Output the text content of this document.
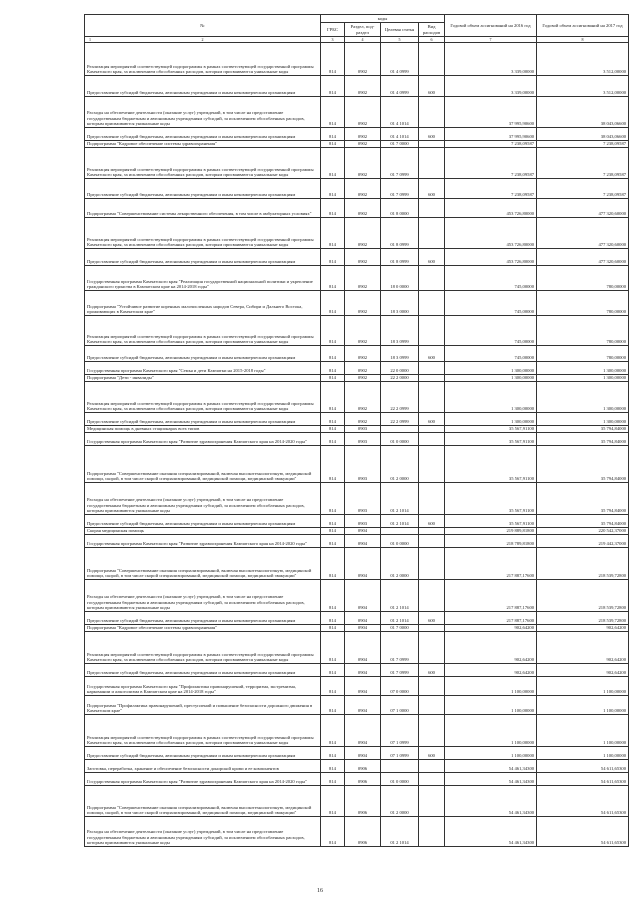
№	коды				Годовой объем ассигнований на 2016 год	Годовой объем ассигнований на 2017 год
	ГРБС	Раздел, под-раздел	Целевая статья	Вид расходов		

1 2	3	4	5	6	7	8
Реализация мероприятий соответствующей подпрограммы в рамках соответствующей государственной программы Камчатского края, за исключением обособленных расходов, которым присваиваются уникальные коды	814	0902	01 4 0999		3 339,00000	3 512,00000
Предоставление субсидий бюджетным, автономным учреждениям и иным некоммерческим организациям	814	0902	01 4 0999	600	3 339,00000	3 512,00000
Расходы на обеспечение деятельности (оказание услуг) учреждений, в том числе на предоставление государственным бюджетным и автономным учреждениям субсидий, за исключением обособленных расходов, которым присваиваются уникальные коды	814	0902	01 4 1014		37 995,90600	38 043,06600
Предоставление субсидий бюджетным, автономным учреждениям и иным некоммерческим организациям	814	0902	01 4 1014	600	37 995,90600	38 043,06600
Подпрограмма "Кадровое обеспечение системы здравоохранения"	814	0902	01 7 0000		7 238,09587	7 238,09587
Реализация мероприятий соответствующей подпрограммы в рамках соответствующей государственной программы Камчатского края, за исключением обособленных расходов, которым присваиваются уникальные коды	814	0902	01 7 0999		7 238,09587	7 238,09587
Предоставление субсидий бюджетным, автономным учреждениям и иным некоммерческим организациям	814	0902	01 7 0999	600	7 238,09587	7 238,09587
Подпрограмма "Совершенствование системы лекарственного обеспечения, в том числе в амбулаторных условиях"	814	0902	01 8 0000		453 726,80000	477 320,60000
Реализация мероприятий соответствующей подпрограммы в рамках соответствующей государственной программы Камчатского края, за исключением обособленных расходов, которым присваиваются уникальные коды	814	0902	01 8 0999		453 726,80000	477 320,60000
Предоставление субсидий бюджетным, автономным учреждениям и иным некоммерческим организациям	814	0902	01 8 0999	600	453 726,80000	477 320,60000
Государственная программа Камчатского края "Реализация государственной национальной политики и укрепление гражданского единства в Камчатском крае на 2014-2018 годы"	814	0902	18 0 0000		745,00000	780,00000
Подпрограмма "Устойчивое развитие коренных малочисленных народов Севера, Сибири и Дальнего Востока, проживающих в Камчатском крае"	814	0902	18 3 0000		745,00000	780,00000
Реализация мероприятий соответствующей подпрограммы в рамках соответствующей государственной программы Камчатского края, за исключением обособленных расходов, которым присваиваются уникальные коды	814	0902	18 3 0999		745,00000	780,00000
Предоставление субсидий бюджетным, автономным учреждениям и иным некоммерческим организациям	814	0902	18 3 0999	600	745,00000	780,00000
Государственная программа Камчатского края "Семья и дети Камчатки на 2015-2018 годы"	814	0902	22 0 0000		1 300,00000	1 300,00000
Подпрограмма "Дети - инвалиды"	814	0902	22 2 0000		1 300,00000	1 300,00000
Реализация мероприятий соответствующей подпрограммы в рамках соответствующей государственной программы Камчатского края, за исключением обособленных расходов, которым присваиваются уникальные коды	814	0902	22 2 0999		1 300,00000	1 300,00000
Предоставление субсидий бюджетным, автономным учреждениям и иным некоммерческим организациям	814	0902	22 2 0999	600	1 300,00000	1 300,00000
Медицинская помощь в дневных стационарах всех типов	814	0903			35 567,91100	35 794,84000
Государственная программа Камчатского края "Развитие здравоохранения Камчатского края на 2014-2020 годы"	814	0903	01 0 0000		35 567,91100	35 794,84000
Подпрограмма "Совершенствование оказания специализированной, включая высокотехнологичную, медицинской помощи, скорой, в том числе скорой специализированной, медицинской помощи, медицинской эвакуации"	814	0903	01 2 0000		35 567,91100	35 794,84000
Расходы на обеспечение деятельности (оказание услуг) учреждений, в том числе на предоставление государственным бюджетным и автономным учреждениям субсидий, за исключением обособленных расходов, которым присваиваются уникальные коды	814	0903	01 2 1014		35 567,91100	35 794,84000
Предоставление субсидий бюджетным, автономным учреждениям и иным некоммерческим организациям	814	0903	01 2 1014	600	35 567,91100	35 794,84000
Скорая медицинская помощь	814	0904			219 889,81800	220 542,37000
Государственная программа Камчатского края "Развитие здравоохранения Камчатского края на 2014-2020 годы"	814	0904	01 0 0000		218 789,81800	219 442,37000
Подпрограмма "Совершенствование оказания специализированной, включая высокотехнологичную, медицинской помощи, скорой, в том числе скорой специализированной, медицинской помощи, медицинской эвакуации"	814	0904	01 2 0000		217 887,17600	218 539,72800
Расходы на обеспечение деятельности (оказание услуг) учреждений, в том числе на предоставление государственным бюджетным и автономным учреждениям субсидий, за исключением обособленных расходов, которым присваиваются уникальные коды	814	0904	01 2 1014		217 887,17600	218 539,72800
Предоставление субсидий бюджетным, автономным учреждениям и иным некоммерческим организациям	814	0904	01 2 1014	600	217 887,17600	218 539,72800
Подпрограмма "Кадровое обеспечение системы здравоохранения"	814	0904	01 7 0000		902,64200	902,64200
Реализация мероприятий соответствующей подпрограммы в рамках соответствующей государственной программы Камчатского края, за исключением обособленных расходов, которым присваиваются уникальные коды	814	0904	01 7 0999		902,64200	902,64200
Предоставление субсидий бюджетным, автономным учреждениям и иным некоммерческим организациям	814	0904	01 7 0999	600	902,64200	902,64200
Государственная программа Камчатского края "Профилактика правонарушений, терроризма, экстремизма, наркомании и алкоголизма в Камчатском крае на 2014-2018 годы"	814	0904	07 0 0000		1 100,00000	1 100,00000
Подпрограмма "Профилактика правонарушений, преступлений и повышение безопасности дорожного движения в Камчатском крае"	814	0904	07 1 0000		1 100,00000	1 100,00000
Реализация мероприятий соответствующей подпрограммы в рамках соответствующей государственной программы Камчатского края, за исключением обособленных расходов, которым присваиваются уникальные коды	814	0904	07 1 0999		1 100,00000	1 100,00000
Предоставление субсидий бюджетным, автономным учреждениям и иным некоммерческим организациям	814	0904	07 1 0999	600	1 100,00000	1 100,00000
Заготовка, переработка, хранение и обеспечение безопасности донорской крови и ее компонентов	814	0906			54 461,34300	54 611,65300
Государственная программа Камчатского края "Развитие здравоохранения Камчатского края на 2014-2020 годы"	814	0906	01 0 0000		54 461,34300	54 611,65300
Подпрограмма "Совершенствование оказания специализированной, включая высокотехнологичную, медицинской помощи, скорой, в том числе скорой специализированной, медицинской помощи, медицинской эвакуации"	814	0906	01 2 0000		54 461,34300	54 611,65300
Расходы на обеспечение деятельности (оказание услуг) учреждений, в том числе на предоставление государственным бюджетным и автономным учреждениям субсидий, за исключением обособленных расходов, которым присваиваются уникальные коды	814	0906	01 2 1014		54 461,34300	54 611,65300
16
